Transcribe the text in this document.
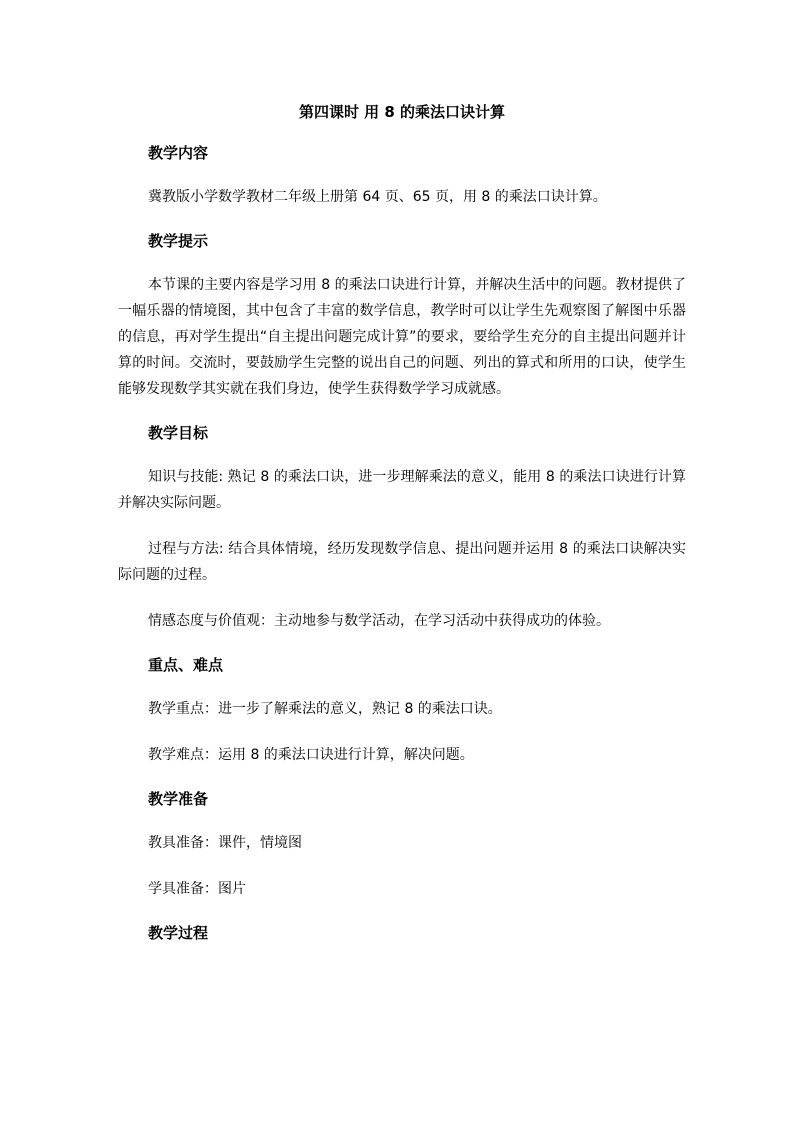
第四课时 用 8 的乘法口诀计算
教学内容

冀教版小学数学教材二年级上册第 64 页、65 页，用 8 的乘法口诀计算。

教学提示

本节课的主要内容是学习用 8 的乘法口诀进行计算，并解决生活中的问题。教材提供了一幅乐器的情境图，其中包含了丰富的数学信息，教学时可以让学生先观察图了解图中乐器的信息，再对学生提出“自主提出问题完成计算”的要求，要给学生充分的自主提出问题并计算的时间。交流时，要鼓励学生完整的说出自己的问题、列出的算式和所用的口诀，使学生能够发现数学其实就在我们身边，使学生获得数学学习成就感。

教学目标

知识与技能: 熟记 8 的乘法口诀，进一步理解乘法的意义，能用 8 的乘法口诀进行计算并解决实际问题。

过程与方法: 结合具体情境，经历发现数学信息、提出问题并运用 8 的乘法口诀解决实际问题的过程。

情感态度与价值观：主动地参与数学活动，在学习活动中获得成功的体验。

重点、难点

教学重点：进一步了解乘法的意义，熟记 8 的乘法口诀。

教学难点：运用 8 的乘法口诀进行计算，解决问题。

教学准备

教具准备：课件，情境图

学具准备：图片

教学过程
